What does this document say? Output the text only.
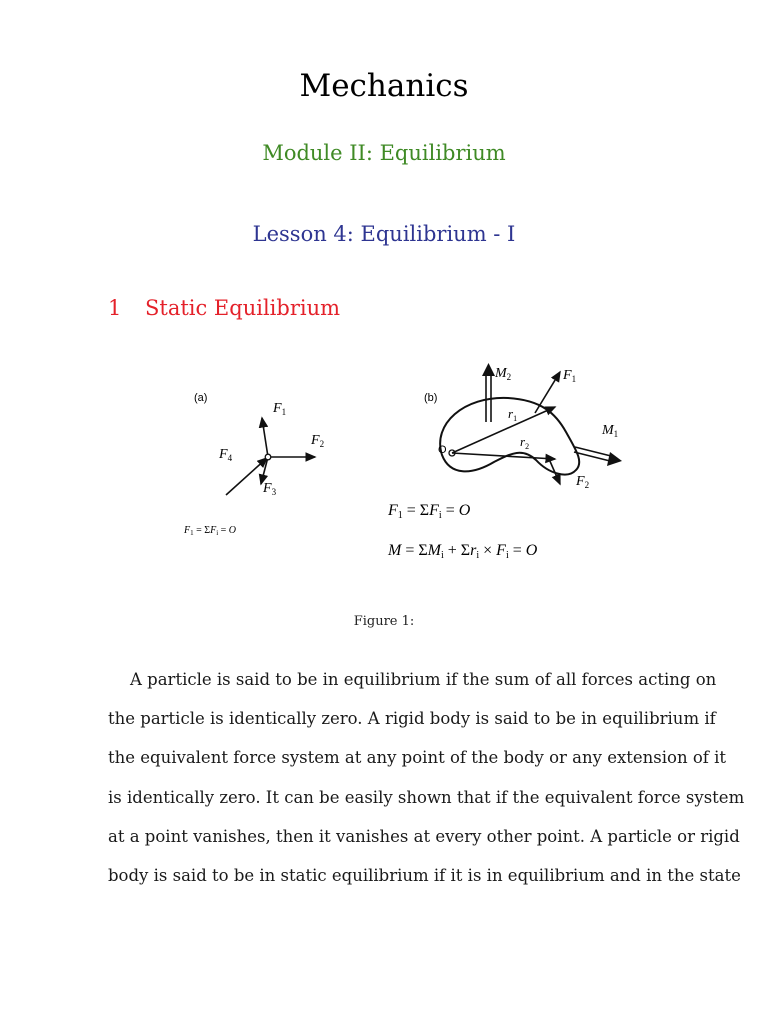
Mechanics
Module II: Equilibrium
Lesson 4: Equilibrium - I
1 Static Equilibrium
(a)
$F_1$
$F_2$
$F_3$
$F_4$
$F_1 = \Sigma F_i = O$
(b)
O
$M_2$	$F_1$
$r_1$
$r_2$
$M_1$
$F_2$
F1 = ΣFi = O
M = ΣMi + Σri × Fi = O
Figure 1:
A particle is said to be in equilibrium if the sum of all forces acting on
the particle is identically zero. A rigid body is said to be in equilibrium if
the equivalent force system at any point of the body or any extension of it
is identically zero. It can be easily shown that if the equivalent force system
at a point vanishes, then it vanishes at every other point. A particle or rigid
body is said to be in static equilibrium if it is in equilibrium and in the state
